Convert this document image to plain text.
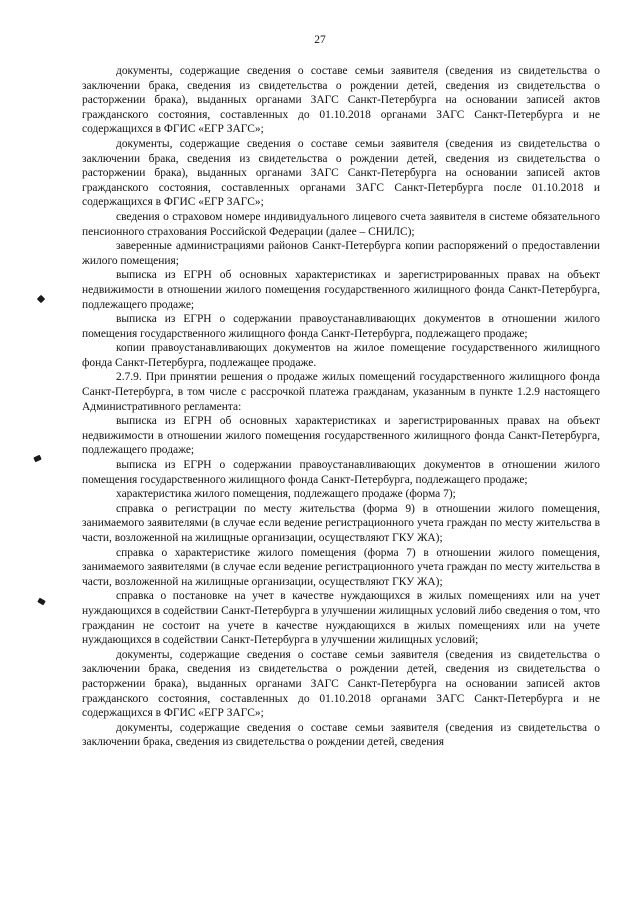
27

документы, содержащие сведения о составе семьи заявителя (сведения из свидетельства о заключении брака, сведения из свидетельства о рождении детей, сведения из свидетельства о расторжении брака), выданных органами ЗАГС Санкт-Петербурга на основании записей актов гражданского состояния, составленных до 01.10.2018 органами ЗАГС Санкт-Петербурга и не содержащихся в ФГИС «ЕГР ЗАГС»;

документы, содержащие сведения о составе семьи заявителя (сведения из свидетельства о заключении брака, сведения из свидетельства о рождении детей, сведения из свидетельства о расторжении брака), выданных органами ЗАГС Санкт-Петербурга на основании записей актов гражданского состояния, составленных органами ЗАГС Санкт-Петербурга после 01.10.2018 и содержащихся в ФГИС «ЕГР ЗАГС»;

сведения о страховом номере индивидуального лицевого счета заявителя в системе обязательного пенсионного страхования Российской Федерации (далее – СНИЛС);

заверенные администрациями районов Санкт-Петербурга копии распоряжений о предоставлении жилого помещения;

выписка из ЕГРН об основных характеристиках и зарегистрированных правах на объект недвижимости в отношении жилого помещения государственного жилищного фонда Санкт-Петербурга, подлежащего продаже;

выписка из ЕГРН о содержании правоустанавливающих документов в отношении жилого помещения государственного жилищного фонда Санкт-Петербурга, подлежащего продаже;

копии правоустанавливающих документов на жилое помещение государственного жилищного фонда Санкт-Петербурга, подлежащее продаже.

2.7.9. При принятии решения о продаже жилых помещений государственного жилищного фонда Санкт-Петербурга, в том числе с рассрочкой платежа гражданам, указанным в пункте 1.2.9 настоящего Административного регламента:

выписка из ЕГРН об основных характеристиках и зарегистрированных правах на объект недвижимости в отношении жилого помещения государственного жилищного фонда Санкт-Петербурга, подлежащего продаже;

выписка из ЕГРН о содержании правоустанавливающих документов в отношении жилого помещения государственного жилищного фонда Санкт-Петербурга, подлежащего продаже;

характеристика жилого помещения, подлежащего продаже (форма 7);

справка о регистрации по месту жительства (форма 9) в отношении жилого помещения, занимаемого заявителями (в случае если ведение регистрационного учета граждан по месту жительства в части, возложенной на жилищные организации, осуществляют ГКУ ЖА);

справка о характеристике жилого помещения (форма 7) в отношении жилого помещения, занимаемого заявителями (в случае если ведение регистрационного учета граждан по месту жительства в части, возложенной на жилищные организации, осуществляют ГКУ ЖА);

справка о постановке на учет в качестве нуждающихся в жилых помещениях или на учет нуждающихся в содействии Санкт-Петербурга в улучшении жилищных условий либо сведения о том, что гражданин не состоит на учете в качестве нуждающихся в жилых помещениях или на учете нуждающихся в содействии Санкт-Петербурга в улучшении жилищных условий;

документы, содержащие сведения о составе семьи заявителя (сведения из свидетельства о заключении брака, сведения из свидетельства о рождении детей, сведения из свидетельства о расторжении брака), выданных органами ЗАГС Санкт-Петербурга на основании записей актов гражданского состояния, составленных до 01.10.2018 органами ЗАГС Санкт-Петербурга и не содержащихся в ФГИС «ЕГР ЗАГС»;

документы, содержащие сведения о составе семьи заявителя (сведения из свидетельства о заключении брака, сведения из свидетельства о рождении детей, сведения
